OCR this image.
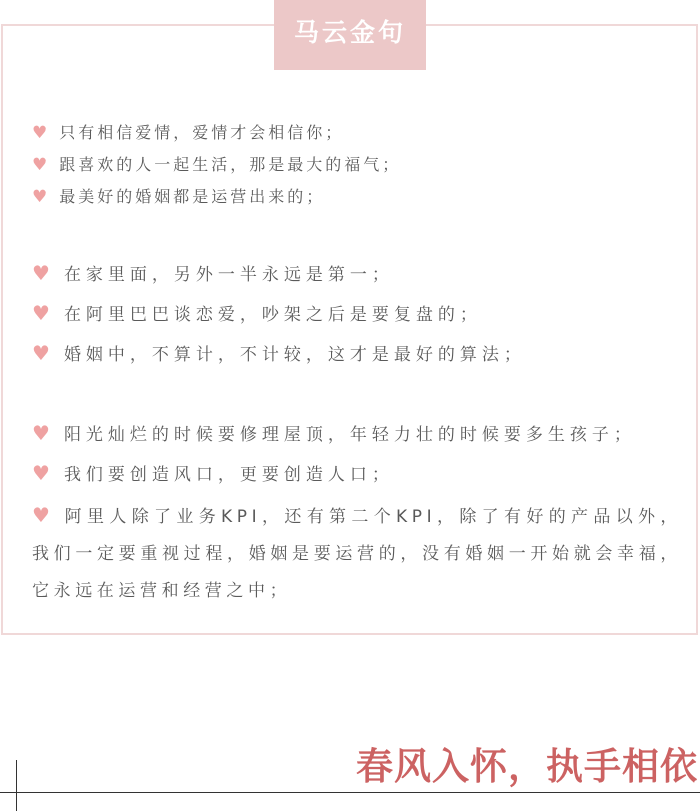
马云金句
♥ 只有相信爱情，爱情才会相信你；
♥ 跟喜欢的人一起生活，那是最大的福气；
♥ 最美好的婚姻都是运营出来的；
♥ 在家里面，另外一半永远是第一；
♥ 在阿里巴巴谈恋爱，吵架之后是要复盘的；
♥ 婚姻中，不算计，不计较，这才是最好的算法；
♥ 阳光灿烂的时候要修理屋顶，年轻力壮的时候要多生孩子；
♥ 我们要创造风口，更要创造人口；
♥ 阿里人除了业务KPI，还有第二个KPI，除了有好的产品以外，我们一定要重视过程，婚姻是要运营的，没有婚姻一开始就会幸福，它永远在运营和经营之中；
春风入怀，执手相依
